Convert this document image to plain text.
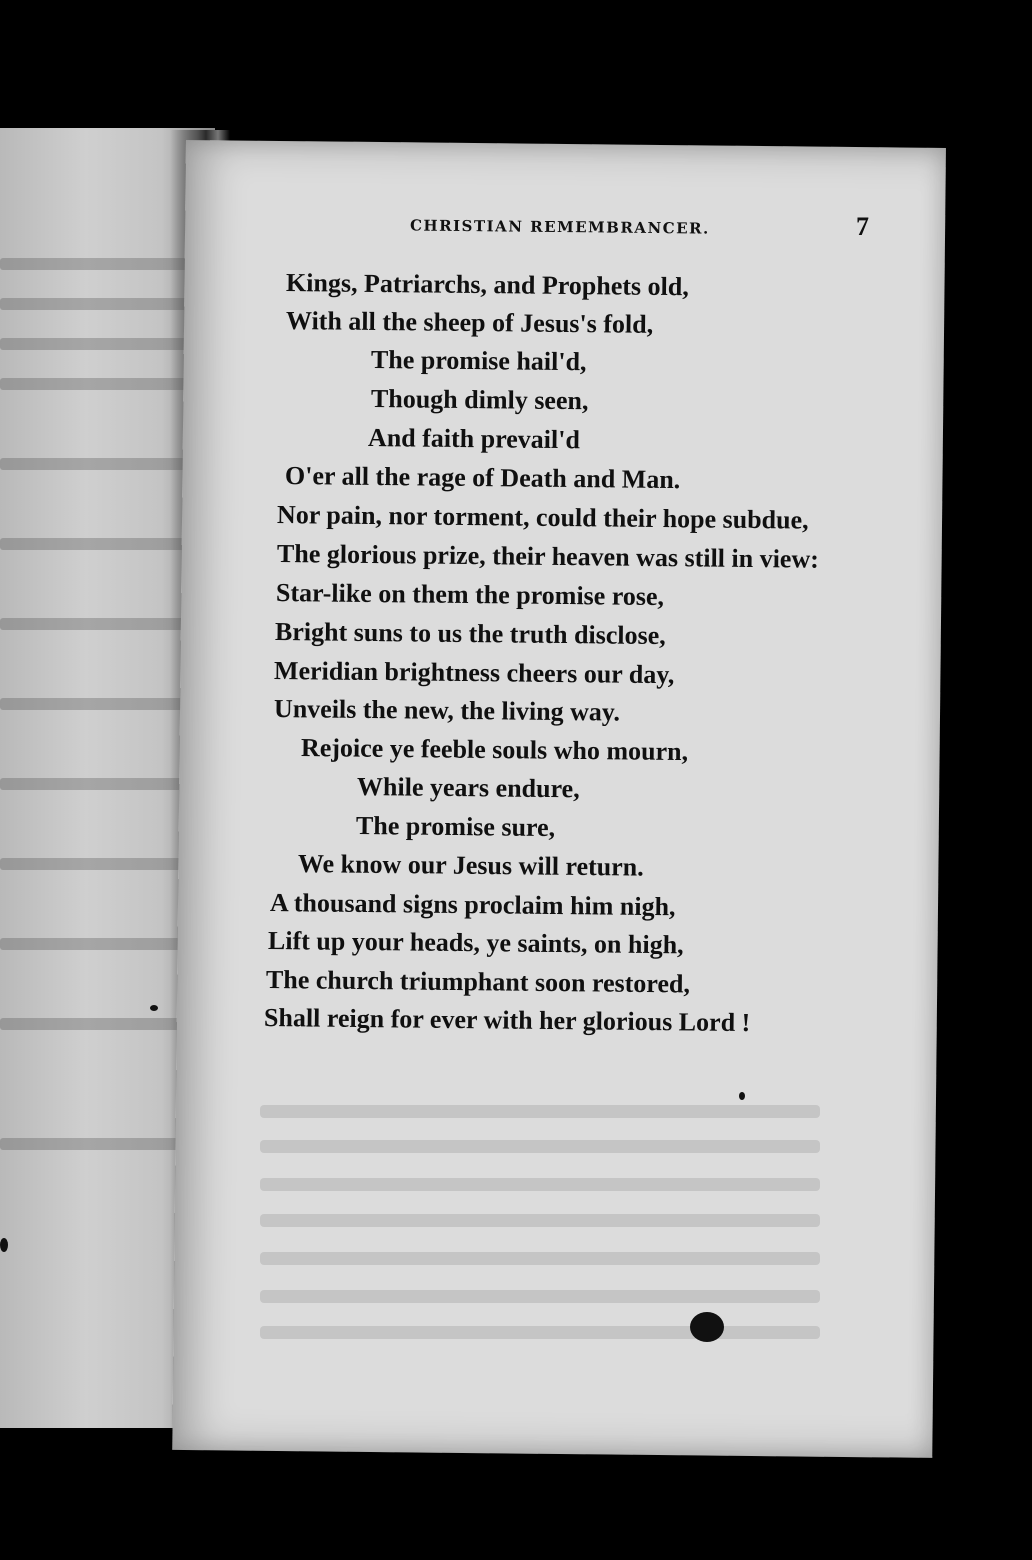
CHRISTIAN REMEMBRANCER.	7
Kings, Patriarchs, and Prophets old,
With all the sheep of Jesus's fold,
The promise hail'd,
Though dimly seen,
And faith prevail'd
O'er all the rage of Death and Man.
Nor pain, nor torment, could their hope subdue,
The glorious prize, their heaven was still in view:
Star-like on them the promise rose,
Bright suns to us the truth disclose,
Meridian brightness cheers our day,
Unveils the new, the living way.
Rejoice ye feeble souls who mourn,
While years endure,
The promise sure,
We know our Jesus will return.
A thousand signs proclaim him nigh,
Lift up your heads, ye saints, on high,
The church triumphant soon restored,
Shall reign for ever with her glorious Lord !
